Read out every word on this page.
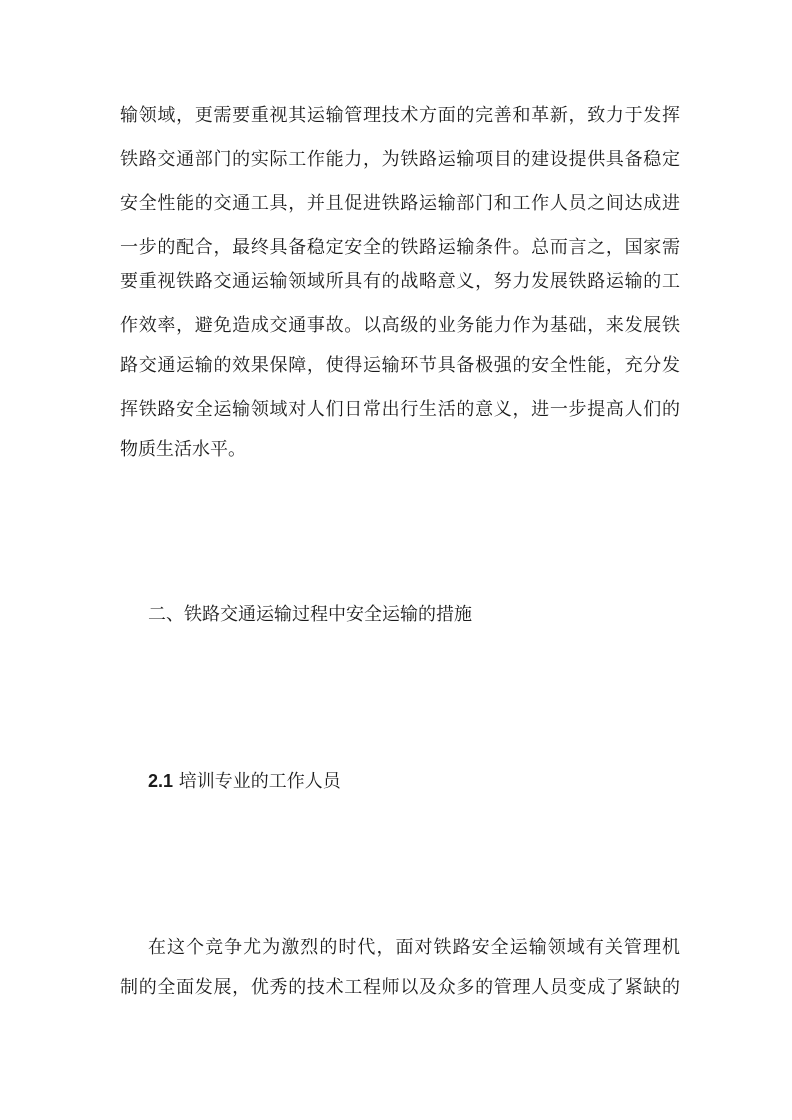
输领域，更需要重视其运输管理技术方面的完善和革新，致力于发挥
铁路交通部门的实际工作能力，为铁路运输项目的建设提供具备稳定
安全性能的交通工具，并且促进铁路运输部门和工作人员之间达成进
一步的配合，最终具备稳定安全的铁路运输条件。总而言之，国家需
要重视铁路交通运输领域所具有的战略意义，努力发展铁路运输的工
作效率，避免造成交通事故。以高级的业务能力作为基础，来发展铁
路交通运输的效果保障，使得运输环节具备极强的安全性能，充分发
挥铁路安全运输领域对人们日常出行生活的意义，进一步提高人们的
物质生活水平。
二、铁路交通运输过程中安全运输的措施
2.1 培训专业的工作人员
在这个竞争尤为激烈的时代，面对铁路安全运输领域有关管理机
制的全面发展，优秀的技术工程师以及众多的管理人员变成了紧缺的
